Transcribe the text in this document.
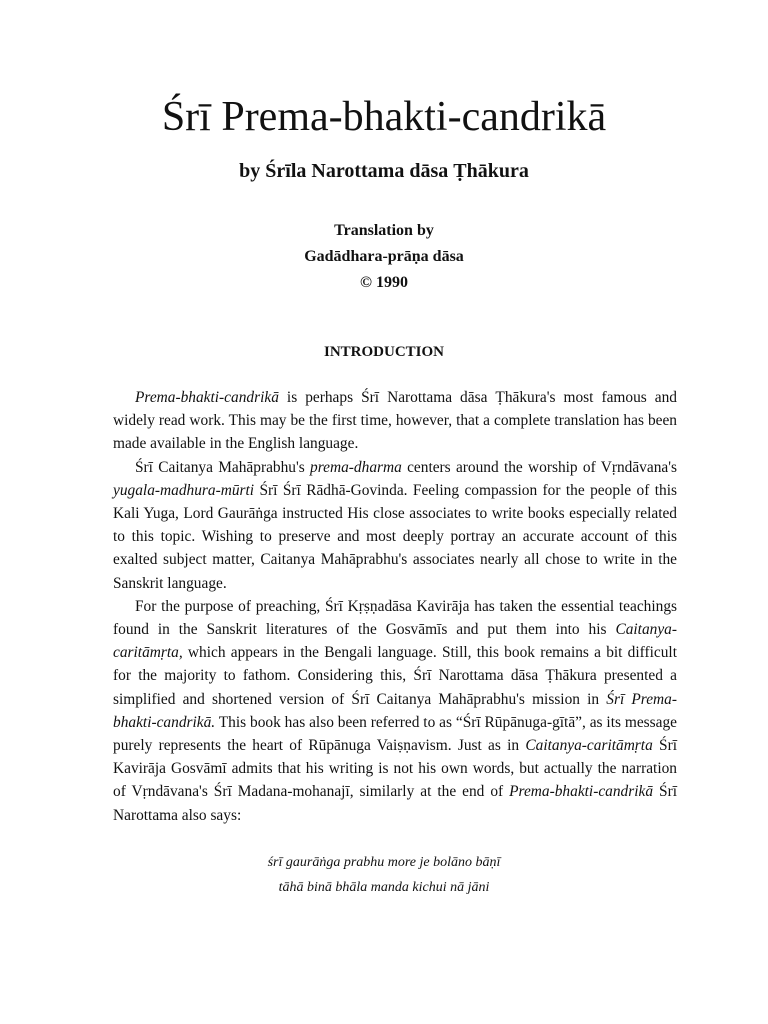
Śrī Prema-bhakti-candrikā
by Śrīla Narottama dāsa Ṭhākura
Translation by
Gadādhara-prāṇa dāsa
© 1990
INTRODUCTION

Prema-bhakti-candrikā is perhaps Śrī Narottama dāsa Ṭhākura's most famous and widely read work. This may be the first time, however, that a complete translation has been made available in the English language.

Śrī Caitanya Mahāprabhu's prema-dharma centers around the worship of Vṛndāvana's yugala-madhura-mūrti Śrī Śrī Rādhā-Govinda. Feeling compassion for the people of this Kali Yuga, Lord Gaurāṅga instructed His close associates to write books especially related to this topic. Wishing to preserve and most deeply portray an accurate account of this exalted subject matter, Caitanya Mahāprabhu's associates nearly all chose to write in the Sanskrit language.

For the purpose of preaching, Śrī Kṛṣṇadāsa Kavirāja has taken the essential teachings found in the Sanskrit literatures of the Gosvāmīs and put them into his Caitanya-caritāmṛta, which appears in the Bengali language. Still, this book remains a bit difficult for the majority to fathom. Considering this, Śrī Narottama dāsa Ṭhākura presented a simplified and shortened version of Śrī Caitanya Mahāprabhu's mission in Śrī Prema-bhakti-candrikā. This book has also been referred to as “Śrī Rūpānuga-gītā”, as its message purely represents the heart of Rūpānuga Vaiṣṇavism. Just as in Caitanya-caritāmṛta Śrī Kavirāja Gosvāmī admits that his writing is not his own words, but actually the narration of Vṛndāvana's Śrī Madana-mohanajī, similarly at the end of Prema-bhakti-candrikā Śrī Narottama also says:

śrī gaurāṅga prabhu more je bolāno bāṇī
tāhā binā bhāla manda kichui nā jāni
